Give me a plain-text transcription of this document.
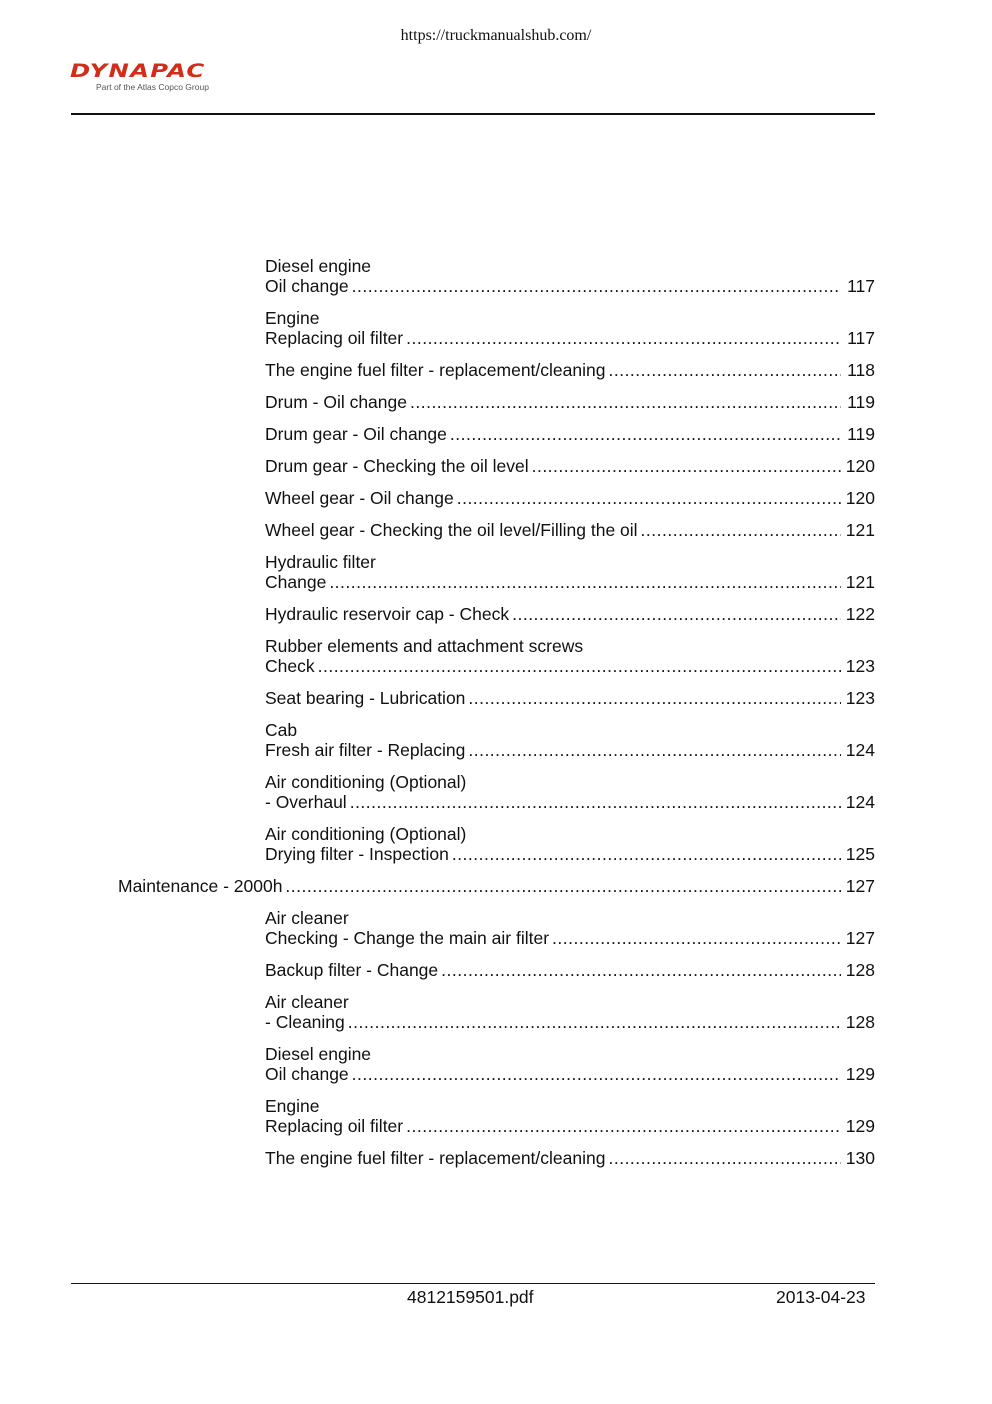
https://truckmanualshub.com/
DYNAPAC
Part of the Atlas Copco Group
Diesel engine
Oil change .....	117
Engine
Replacing oil filter .....	117
The engine fuel filter - replacement/cleaning .....	118
Drum - Oil change .....	119
Drum gear - Oil change .....	119
Drum gear - Checking the oil level .....	120
Wheel gear - Oil change .....	120
Wheel gear - Checking the oil level/Filling the oil .....	121
Hydraulic filter
Change .....	121
Hydraulic reservoir cap - Check .....	122
Rubber elements and attachment screws
Check .....	123
Seat bearing - Lubrication .....	123
Cab
Fresh air filter - Replacing .....	124
Air conditioning (Optional)
- Overhaul .....	124
Air conditioning (Optional)
Drying filter - Inspection .....	125
Maintenance - 2000h .....	127
Air cleaner
Checking - Change the main air filter .....	127
Backup filter - Change .....	128
Air cleaner
- Cleaning .....	128
Diesel engine
Oil change .....	129
Engine
Replacing oil filter .....	129
The engine fuel filter - replacement/cleaning .....	130
4812159501.pdf	2013-04-23
